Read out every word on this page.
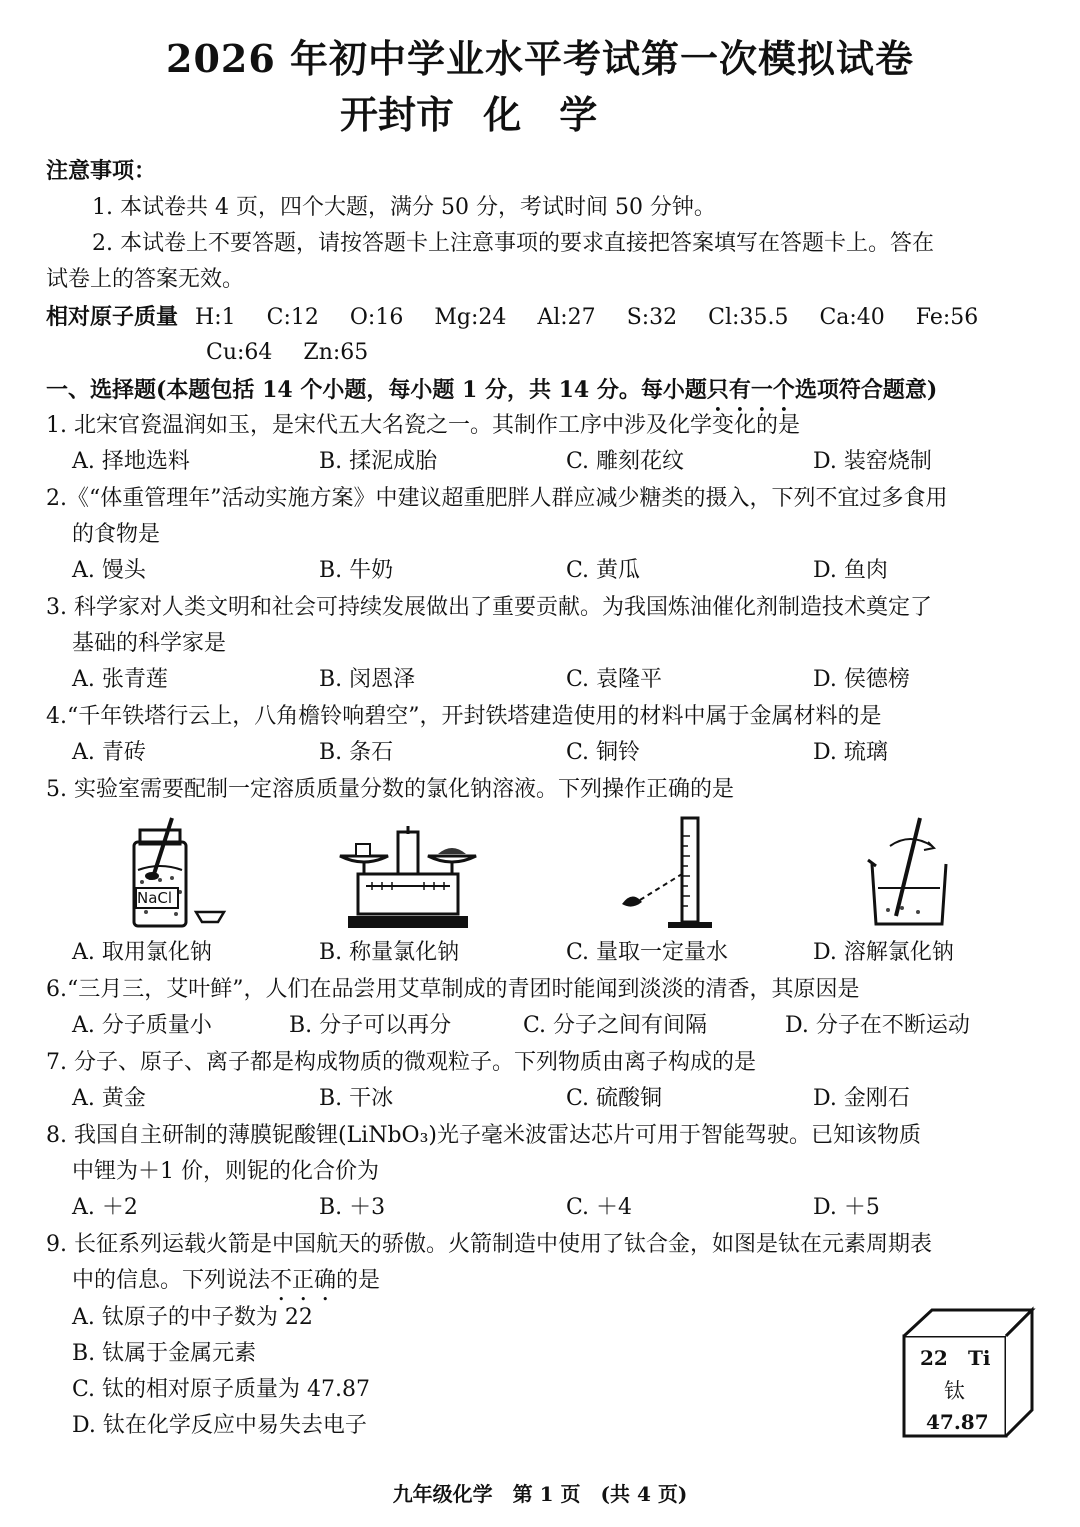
2026 年初中学业水平考试第一次模拟试卷
开封市 化　学
注意事项：
1. 本试卷共 4 页，四个大题，满分 50 分，考试时间 50 分钟。
2. 本试卷上不要答题，请按答题卡上注意事项的要求直接把答案填写在答题卡上。答在
试卷上的答案无效。
相对原子质量 H:1 C:12 O:16 Mg:24 Al:27 S:32 Cl:35.5 Ca:40 Fe:56
Cu:64 Zn:65
一、选择题(本题包括 14 个小题，每小题 1 分，共 14 分。每小题只有一个选项符合题意)
1. 北宋官瓷温润如玉，是宋代五大名瓷之一。其制作工序中涉及化学变化的是
A. 择地选料	B. 揉泥成胎	C. 雕刻花纹	D. 装窑烧制
2.《“体重管理年”活动实施方案》中建议超重肥胖人群应减少糖类的摄入，下列不宜过多食用
的食物是
A. 馒头	B. 牛奶	C. 黄瓜	D. 鱼肉
3. 科学家对人类文明和社会可持续发展做出了重要贡献。为我国炼油催化剂制造技术奠定了
基础的科学家是
A. 张青莲	B. 闵恩泽	C. 袁隆平	D. 侯德榜
4.“千年铁塔行云上，八角檐铃响碧空”，开封铁塔建造使用的材料中属于金属材料的是
A. 青砖	B. 条石	C. 铜铃	D. 琉璃
5. 实验室需要配制一定溶质质量分数的氯化钠溶液。下列操作正确的是
NaCl
A. 取用氯化钠	B. 称量氯化钠	C. 量取一定量水	D. 溶解氯化钠
6.“三月三，艾叶鲜”，人们在品尝用艾草制成的青团时能闻到淡淡的清香，其原因是
A. 分子质量小	B. 分子可以再分	C. 分子之间有间隔	D. 分子在不断运动
7. 分子、原子、离子都是构成物质的微观粒子。下列物质由离子构成的是
A. 黄金	B. 干冰	C. 硫酸铜	D. 金刚石
8. 我国自主研制的薄膜铌酸锂(LiNbO₃)光子毫米波雷达芯片可用于智能驾驶。已知该物质
中锂为＋1 价，则铌的化合价为
A. ＋2	B. ＋3	C. ＋4	D. ＋5
9. 长征系列运载火箭是中国航天的骄傲。火箭制造中使用了钛合金，如图是钛在元素周期表
中的信息。下列说法不正确的是
A. 钛原子的中子数为 22
B. 钛属于金属元素
C. 钛的相对原子质量为 47.87
D. 钛在化学反应中易失去电子
22 Ti
钛
47.87
九年级化学　第 1 页　(共 4 页)
